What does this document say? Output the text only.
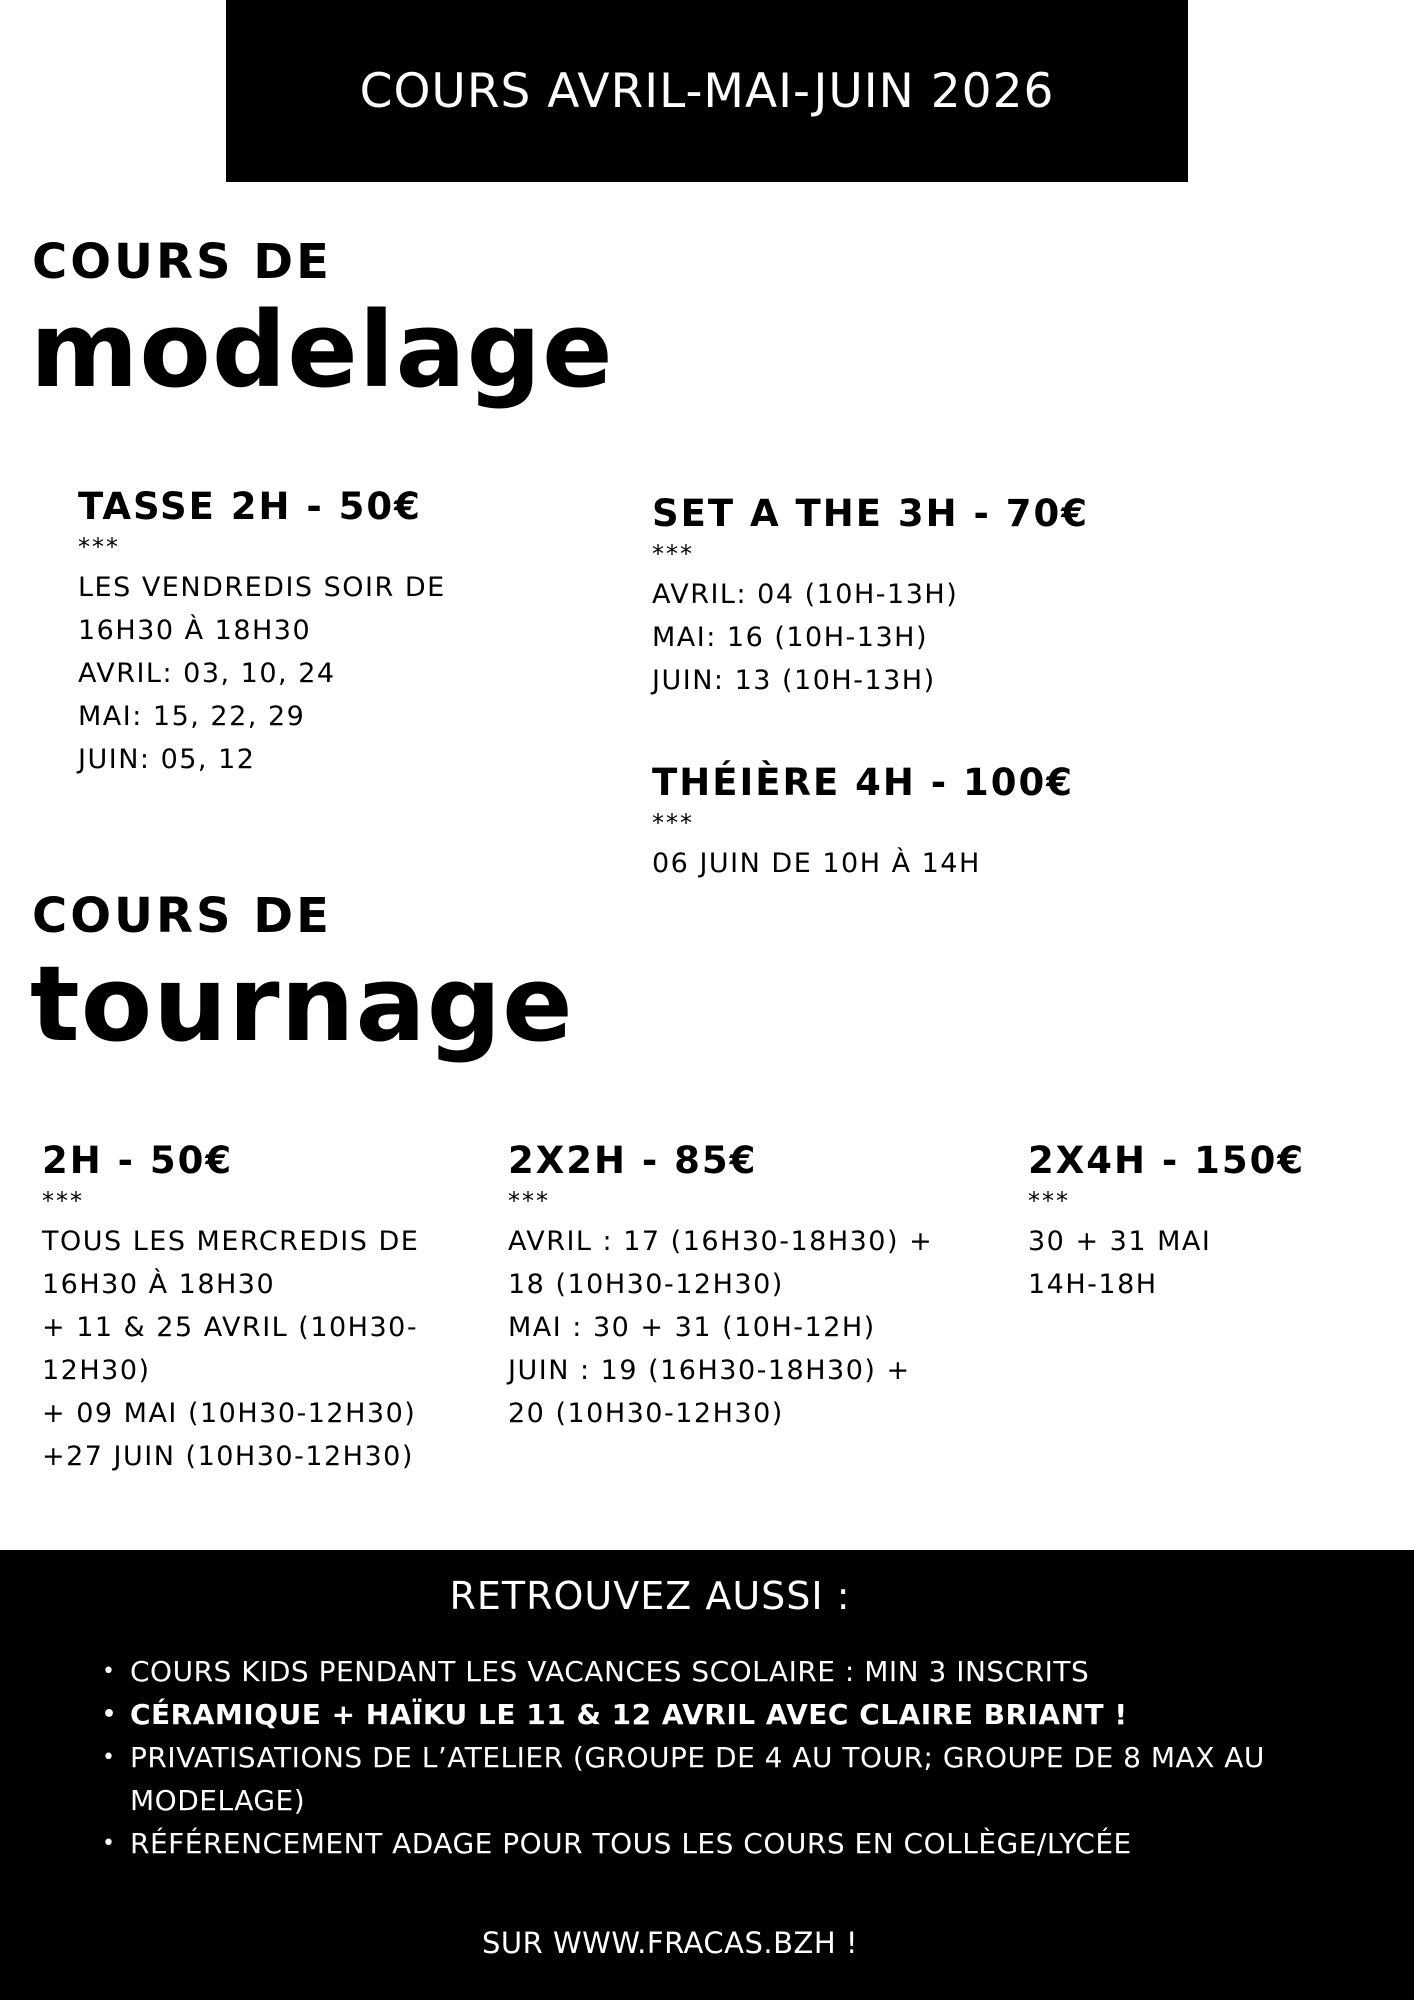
COURS AVRIL-MAI-JUIN 2026
COURS DE
modelage
TASSE 2H - 50€
***
LES VENDREDIS SOIR DE
16H30 À 18H30
AVRIL: 03, 10, 24
MAI: 15, 22, 29
JUIN: 05, 12
SET A THE 3H - 70€
***
AVRIL: 04 (10H-13H)
MAI: 16 (10H-13H)
JUIN: 13 (10H-13H)
THÉIÈRE 4H - 100€
***
06 JUIN DE 10H À 14H
COURS DE
tournage
2H - 50€
***
TOUS LES MERCREDIS DE
16H30 À 18H30
+ 11 & 25 AVRIL (10H30-
12H30)
+ 09 MAI (10H30-12H30)
+27 JUIN (10H30-12H30)
2X2H - 85€
***
AVRIL : 17 (16H30-18H30) +
18 (10H30-12H30)
MAI : 30 + 31 (10H-12H)
JUIN : 19 (16H30-18H30) +
20 (10H30-12H30)
2X4H - 150€
***
30 + 31 MAI
14H-18H
RETROUVEZ AUSSI :
• COURS KIDS PENDANT LES VACANCES SCOLAIRE : MIN 3 INSCRITS
• CÉRAMIQUE + HAÏKU LE 11 & 12 AVRIL AVEC CLAIRE BRIANT !
• PRIVATISATIONS DE L’ATELIER (GROUPE DE 4 AU TOUR; GROUPE DE 8 MAX AU MODELAGE)
• RÉFÉRENCEMENT ADAGE POUR TOUS LES COURS EN COLLÈGE/LYCÉE
SUR WWW.FRACAS.BZH !
